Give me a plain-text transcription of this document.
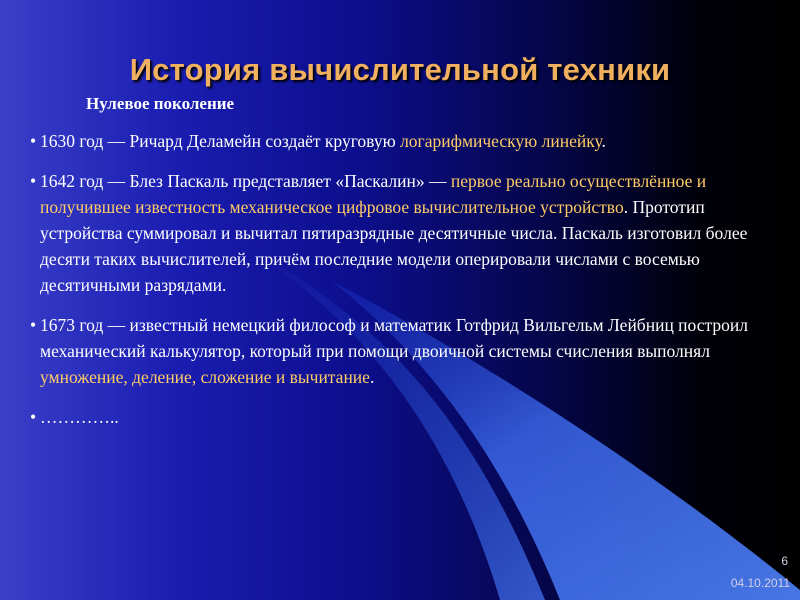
История вычислительной техники
Нулевое поколение
• 1630 год — Ричард Деламейн создаёт круговую логарифмическую линейку.
• 1642 год — Блез Паскаль представляет «Паскалин» — первое реально осуществлённое и получившее известность механическое цифровое вычислительное устройство. Прототип устройства суммировал и вычитал пятиразрядные десятичные числа. Паскаль изготовил более десяти таких вычислителей, причём последние модели оперировали числами с восемью десятичными разрядами.
• 1673 год — известный немецкий философ и математик Готфрид Вильгельм Лейбниц построил механический калькулятор, который при помощи двоичной системы счисления выполнял умножение, деление, сложение и вычитание.
• …………..
6
04.10.2011
